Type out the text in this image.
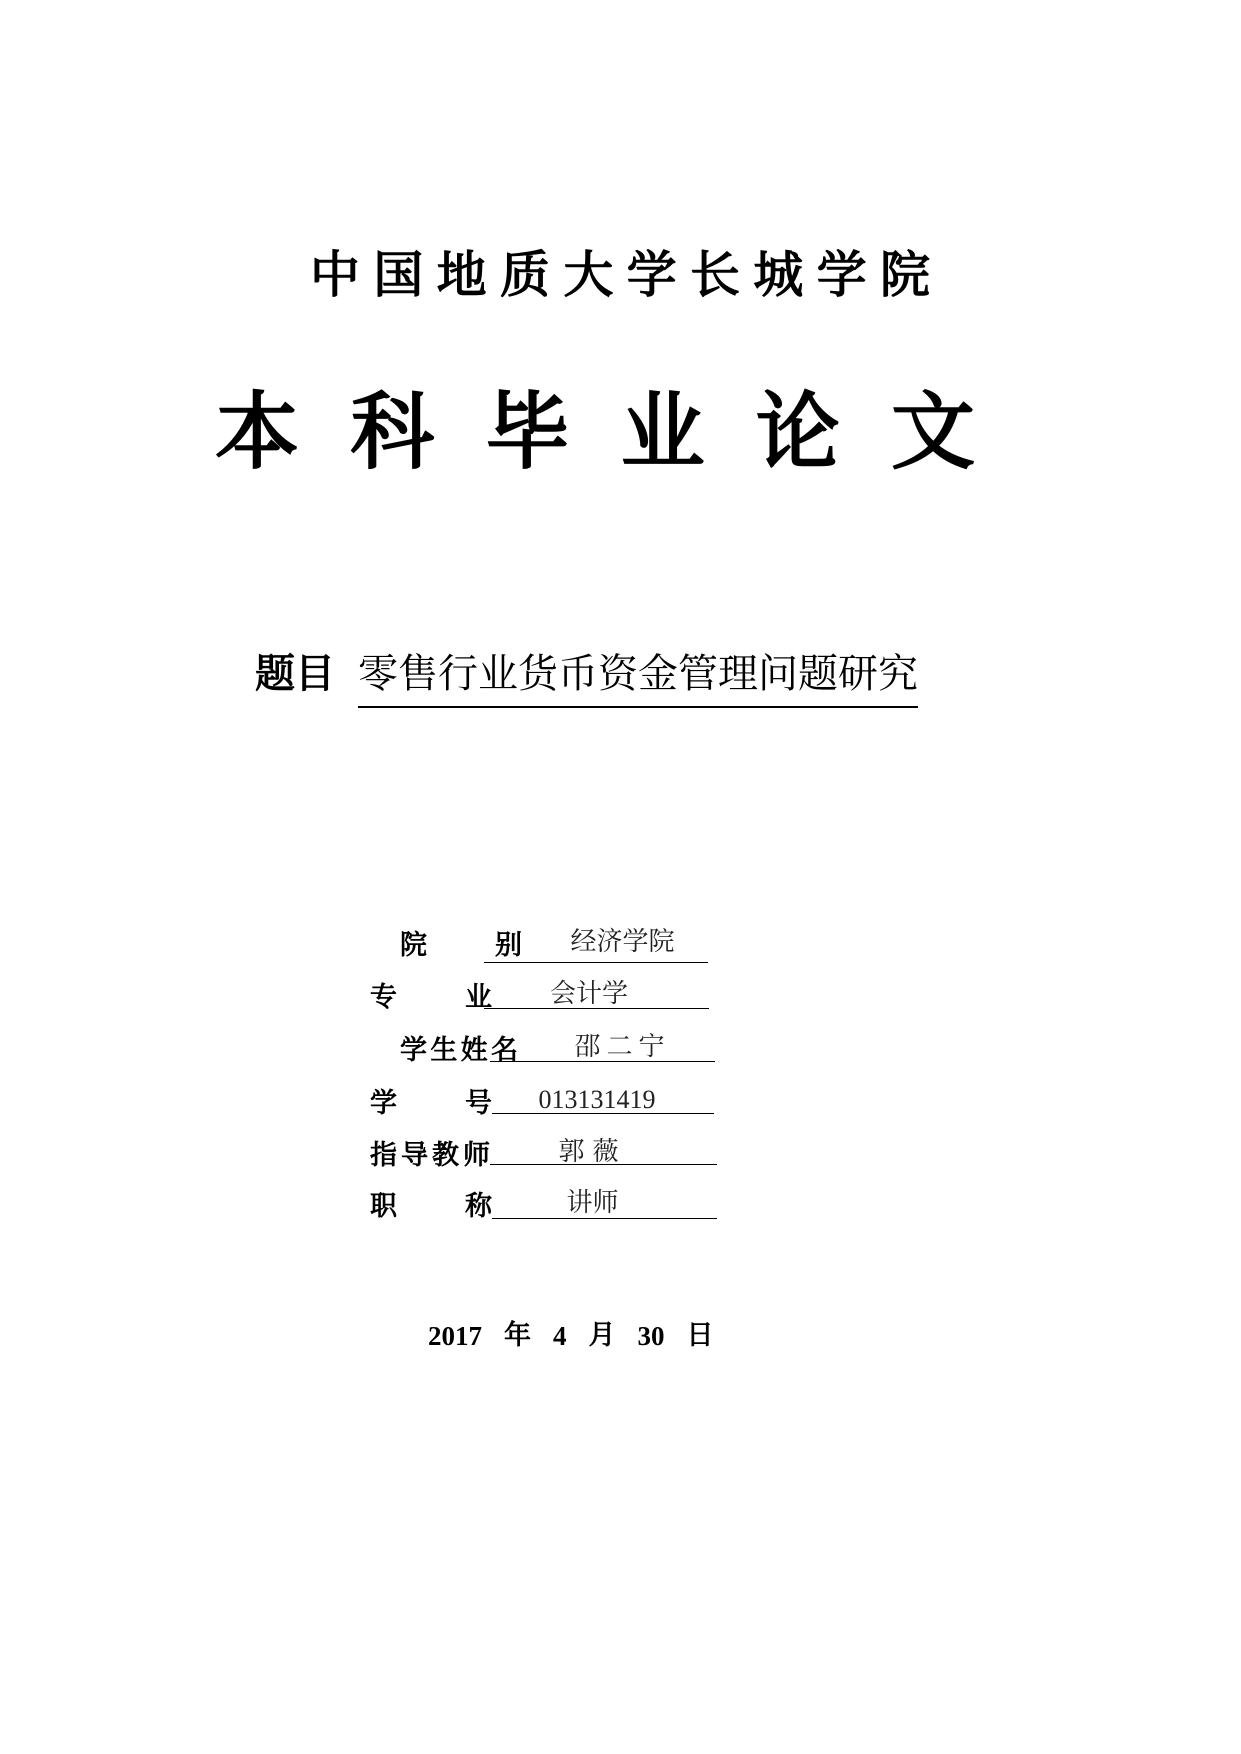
中 国 地 质 大 学 长 城 学 院
本 科 毕 业 论 文
题目 零售行业货币资金管理问题研究
院	别	经济学院
专	业	会计学
学 生 姓 名	邵二宁
学	号	013131419
指 导 教 师	郭薇
职	称	讲师
2017 年 4 月 30 日
